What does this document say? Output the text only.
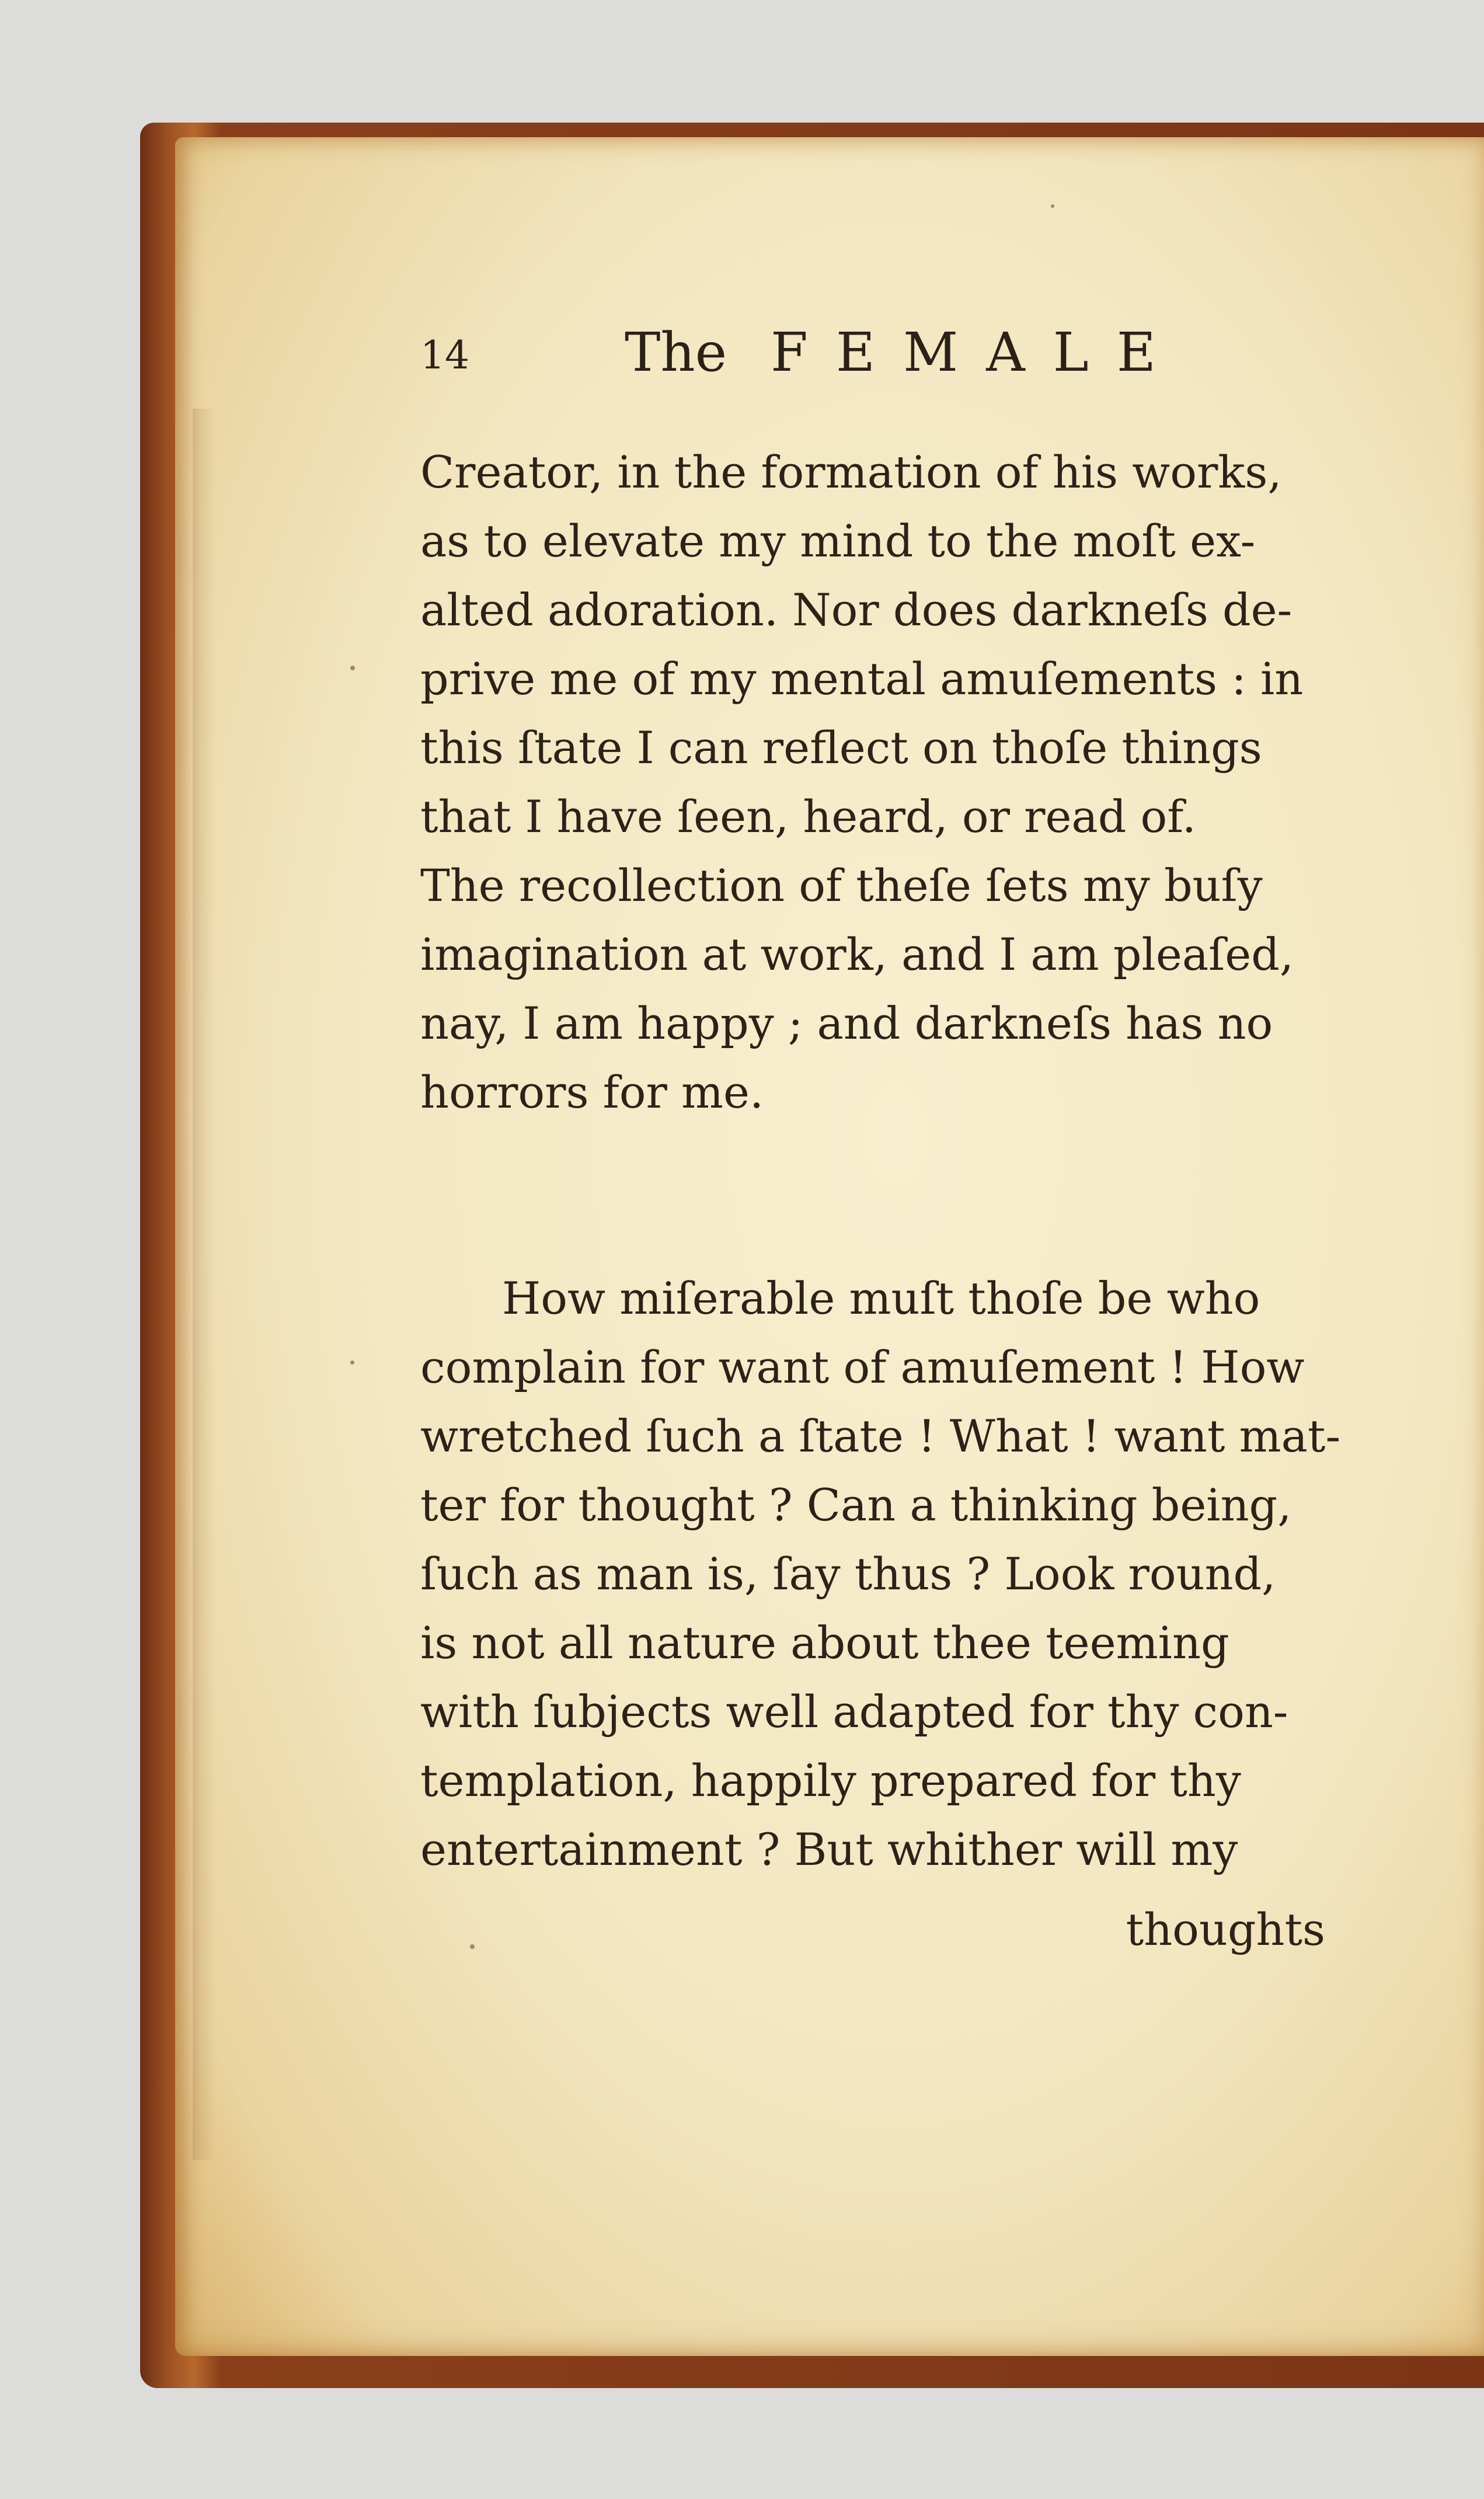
14	The FEMALE
Creator, in the formation of his works,
as to elevate my mind to the moſt ex-
alted adoration. Nor does darkneſs de-
prive me of my mental amuſements : in
this ſtate I can reflect on thoſe things
that I have ſeen, heard, or read of.
The recollection of theſe ſets my buſy
imagination at work, and I am pleaſed,
nay, I am happy ; and darkneſs has no
horrors for me.
How miſerable muſt thoſe be who
complain for want of amuſement ! How
wretched ſuch a ſtate ! What ! want mat-
ter for thought ? Can a thinking being,
ſuch as man is, ſay thus ? Look round,
is not all nature about thee teeming
with ſubjects well adapted for thy con-
templation, happily prepared for thy
entertainment ? But whither will my
thoughts
